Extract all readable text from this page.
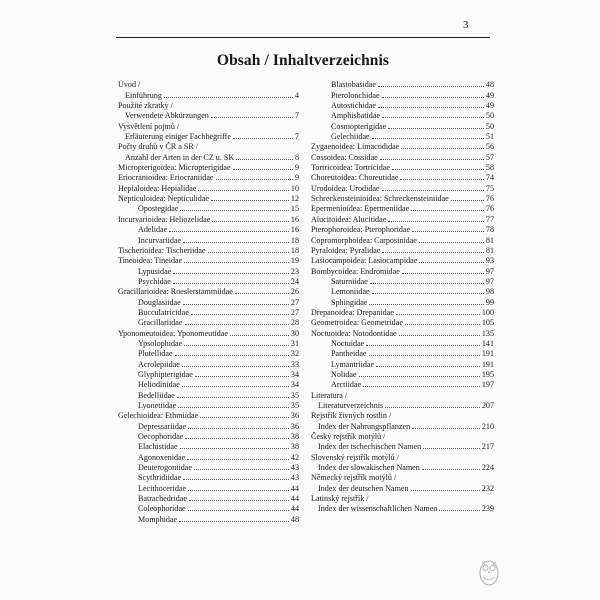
3
Obsah / Inhaltverzeichnis
Úvod /
Einführung	4
Použité zkratky /
Verwendete Abkürzungen	7
Vysvětlení pojmů /
Erläuterung einiger Fachbegriffe	7
Počty druhů v ČR a SR /
Anzahl der Arten in der CZ u. SK	8
Micropterigoidea: Micropterigidae	9
Eriocranioidea: Eriocraniidae	9
Hepialoidea: Hepialidae	10
Nepticuloidea: Nepticulidae	12
Opostegidae	15
Incurvarioidea: Heliozelidae	16
Adelidae	16
Incurvariidae	18
Tischerioidea: Tischeriidae	18
Tineoidea: Tineidae	19
Lypusidae	23
Psychidae	24
Gracillarioidea: Roeslerstammiidae	26
Douglasiidae	27
Bucculatricidae	27
Gracillariidae	28
Yponomeutoidea: Yponomeutidae	30
Ypsolophidae	31
Plutellidae	32
Acrolepiidae	33
Glyphipterigidae	34
Heliodinidae	34
Bedelliidae	35
Lyonetiidae	35
Gelechioidea: Ethmiidae	36
Depressariidae	36
Oecophoridae	38
Elachistidae	38
Agonoxenidae	42
Deuterogoniidae	43
Scythridiidae	43
Lecithoceridae	44
Batrachedridae	44
Coleophoridae	44
Momphidae	48
Blastobasidae	48
Pterolonchidae	49
Autostichidae	49
Amphisbatidae	50
Cosmopterigidae	50
Gelechiidae	51
Zygaenoidea: Limacodidae	56
Cossoidea: Cossidae	57
Tortricoidea: Tortricidae	58
Choreutoidea: Choreutidae	74
Urodoidea: Urodidae	75
Schreckensteinioidea: Schreckensteiniidae	76
Epermenioidea: Epermeniidae	76
Alucitoidea: Alucitidae	77
Pterophoroidea: Pterophoridae	78
Copromorphoidea: Carposinidae	81
Pyraloidea: Pyralidae	81
Lasiocampoidea: Lasiocampidae	93
Bombycoidea: Endromidae	97
Saturniidae	97
Lemoniidae	98
Sphingidae	99
Drepanoidea: Drepanidae	100
Geometroidea: Geometridae	105
Noctuoidea: Notodontidae	135
Noctuidae	141
Pantheidae	191
Lymantriidae	191
Nolidae	195
Arctiidae	197
Literatura /
Literaturverzeichnis	207
Rejstřík živných rostlin /
Index der Nahrungspflanzen	210
Český rejstřík motýlů /
Index der tschechischen Namen	217
Slovenský rejstřík motýlů /
Index der slowakischen Namen	224
Německý rejstřík motýlů /
Index der deutschen Namen	232
Latinský rejstřík /
Index der wissenschaftlichen Namen	239
